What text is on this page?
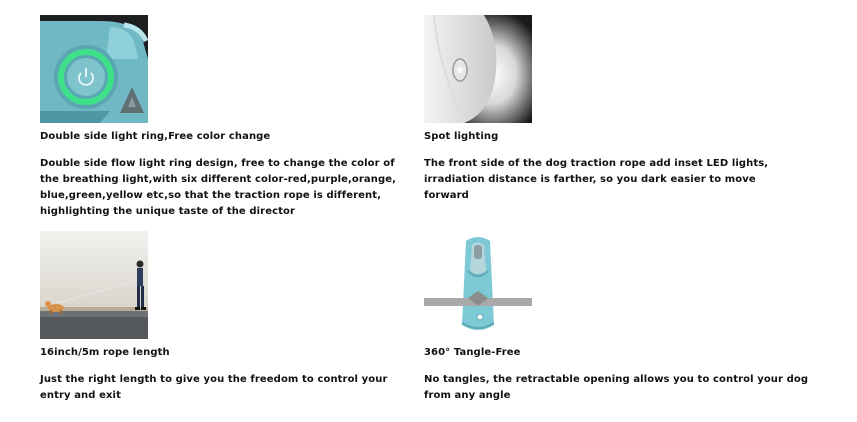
Double side light ring,Free color change
Double side flow light ring design, free to change the color of the breathing light,with six different color-red,purple,orange, blue,green,yellow etc,so that the traction rope is different, highlighting the unique taste of the director
Spot lighting
The front side of the dog traction rope add inset LED lights, irradiation distance is farther, so you dark easier to move forward
16inch/5m rope length
Just the right length to give you the freedom to control your entry and exit
360° Tangle-Free
No tangles, the retractable opening allows you to control your dog from any angle
